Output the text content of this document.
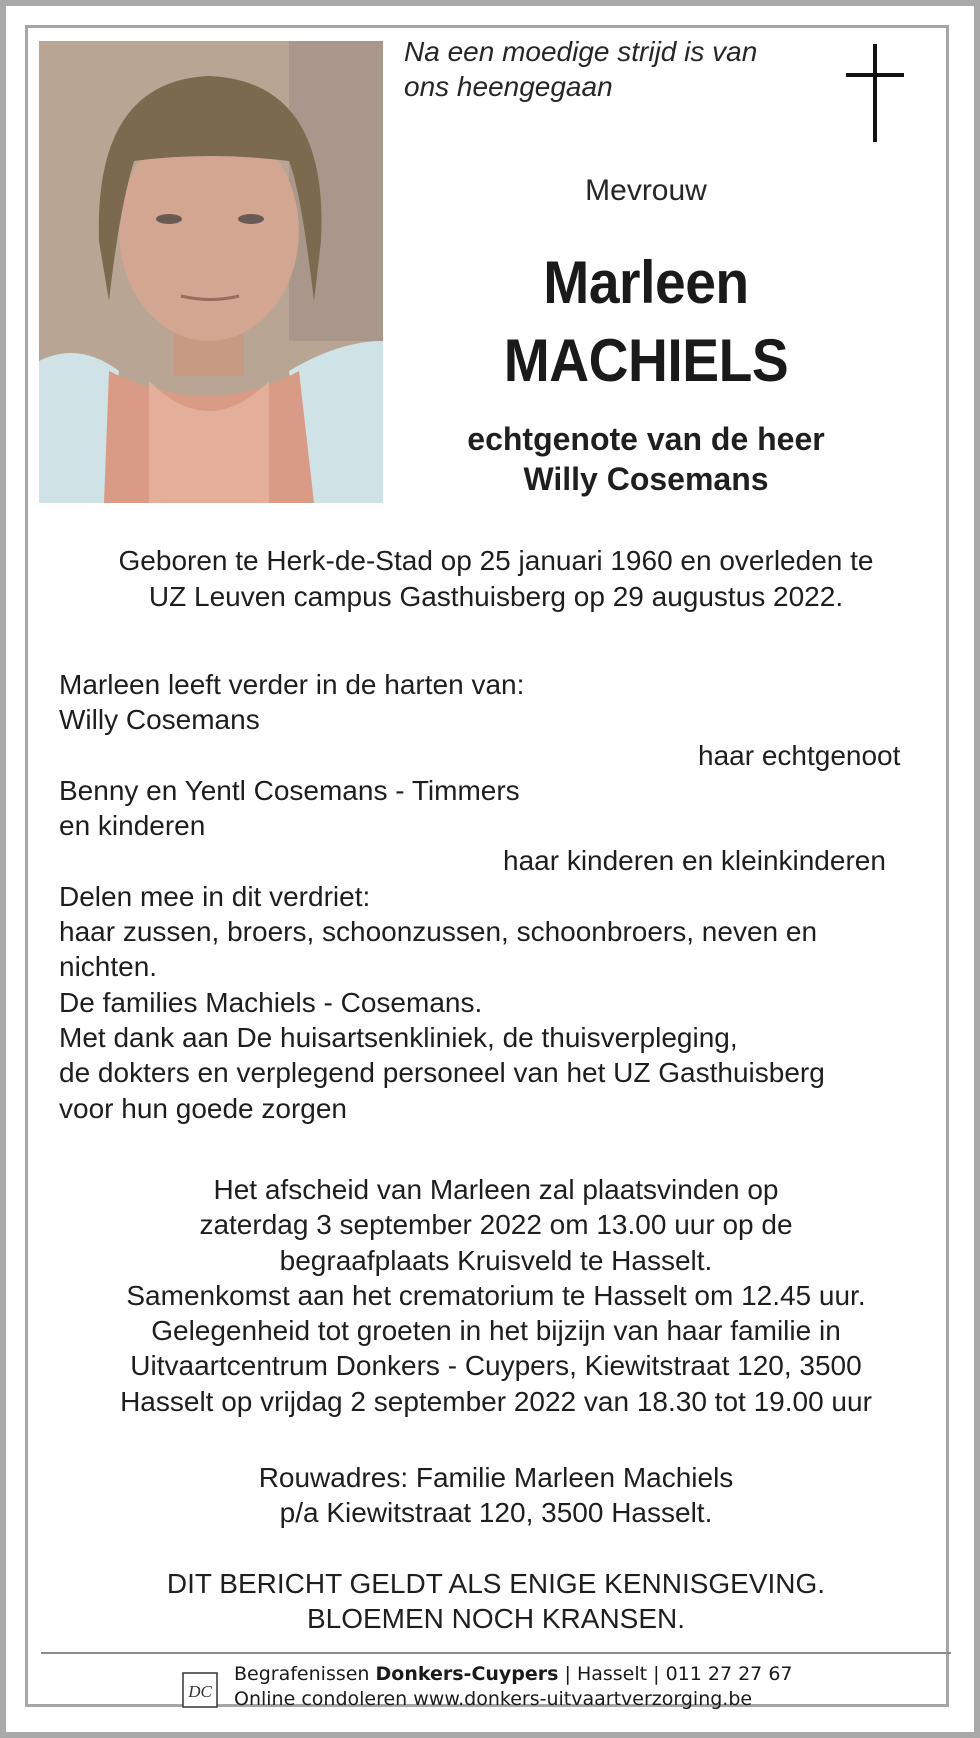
Na een moedige strijd is van
ons heengegaan
Mevrouw
Marleen
MACHIELS
echtgenote van de heer
Willy Cosemans
Geboren te Herk-de-Stad op 25 januari 1960 en overleden te
UZ Leuven campus Gasthuisberg op 29 augustus 2022.
Marleen leeft verder in de harten van:
Willy Cosemans
haar echtgenoot
Benny en Yentl Cosemans - Timmers
en kinderen
haar kinderen en kleinkinderen
Delen mee in dit verdriet:
haar zussen, broers, schoonzussen, schoonbroers, neven en
nichten.
De families Machiels - Cosemans.
Met dank aan De huisartsenkliniek, de thuisverpleging,
de dokters en verplegend personeel van het UZ Gasthuisberg
voor hun goede zorgen
Het afscheid van Marleen zal plaatsvinden op
zaterdag 3 september 2022 om 13.00 uur op de
begraafplaats Kruisveld te Hasselt.
Samenkomst aan het crematorium te Hasselt om 12.45 uur.
Gelegenheid tot groeten in het bijzijn van haar familie in
Uitvaartcentrum Donkers - Cuypers, Kiewitstraat 120, 3500
Hasselt op vrijdag 2 september 2022 van 18.30 tot 19.00 uur
Rouwadres: Familie Marleen Machiels
p/a Kiewitstraat 120, 3500 Hasselt.
DIT BERICHT GELDT ALS ENIGE KENNISGEVING.
BLOEMEN NOCH KRANSEN.
DC
Begrafenissen Donkers-Cuypers | Hasselt | 011 27 27 67
Online condoleren www.donkers-uitvaartverzorging.be
